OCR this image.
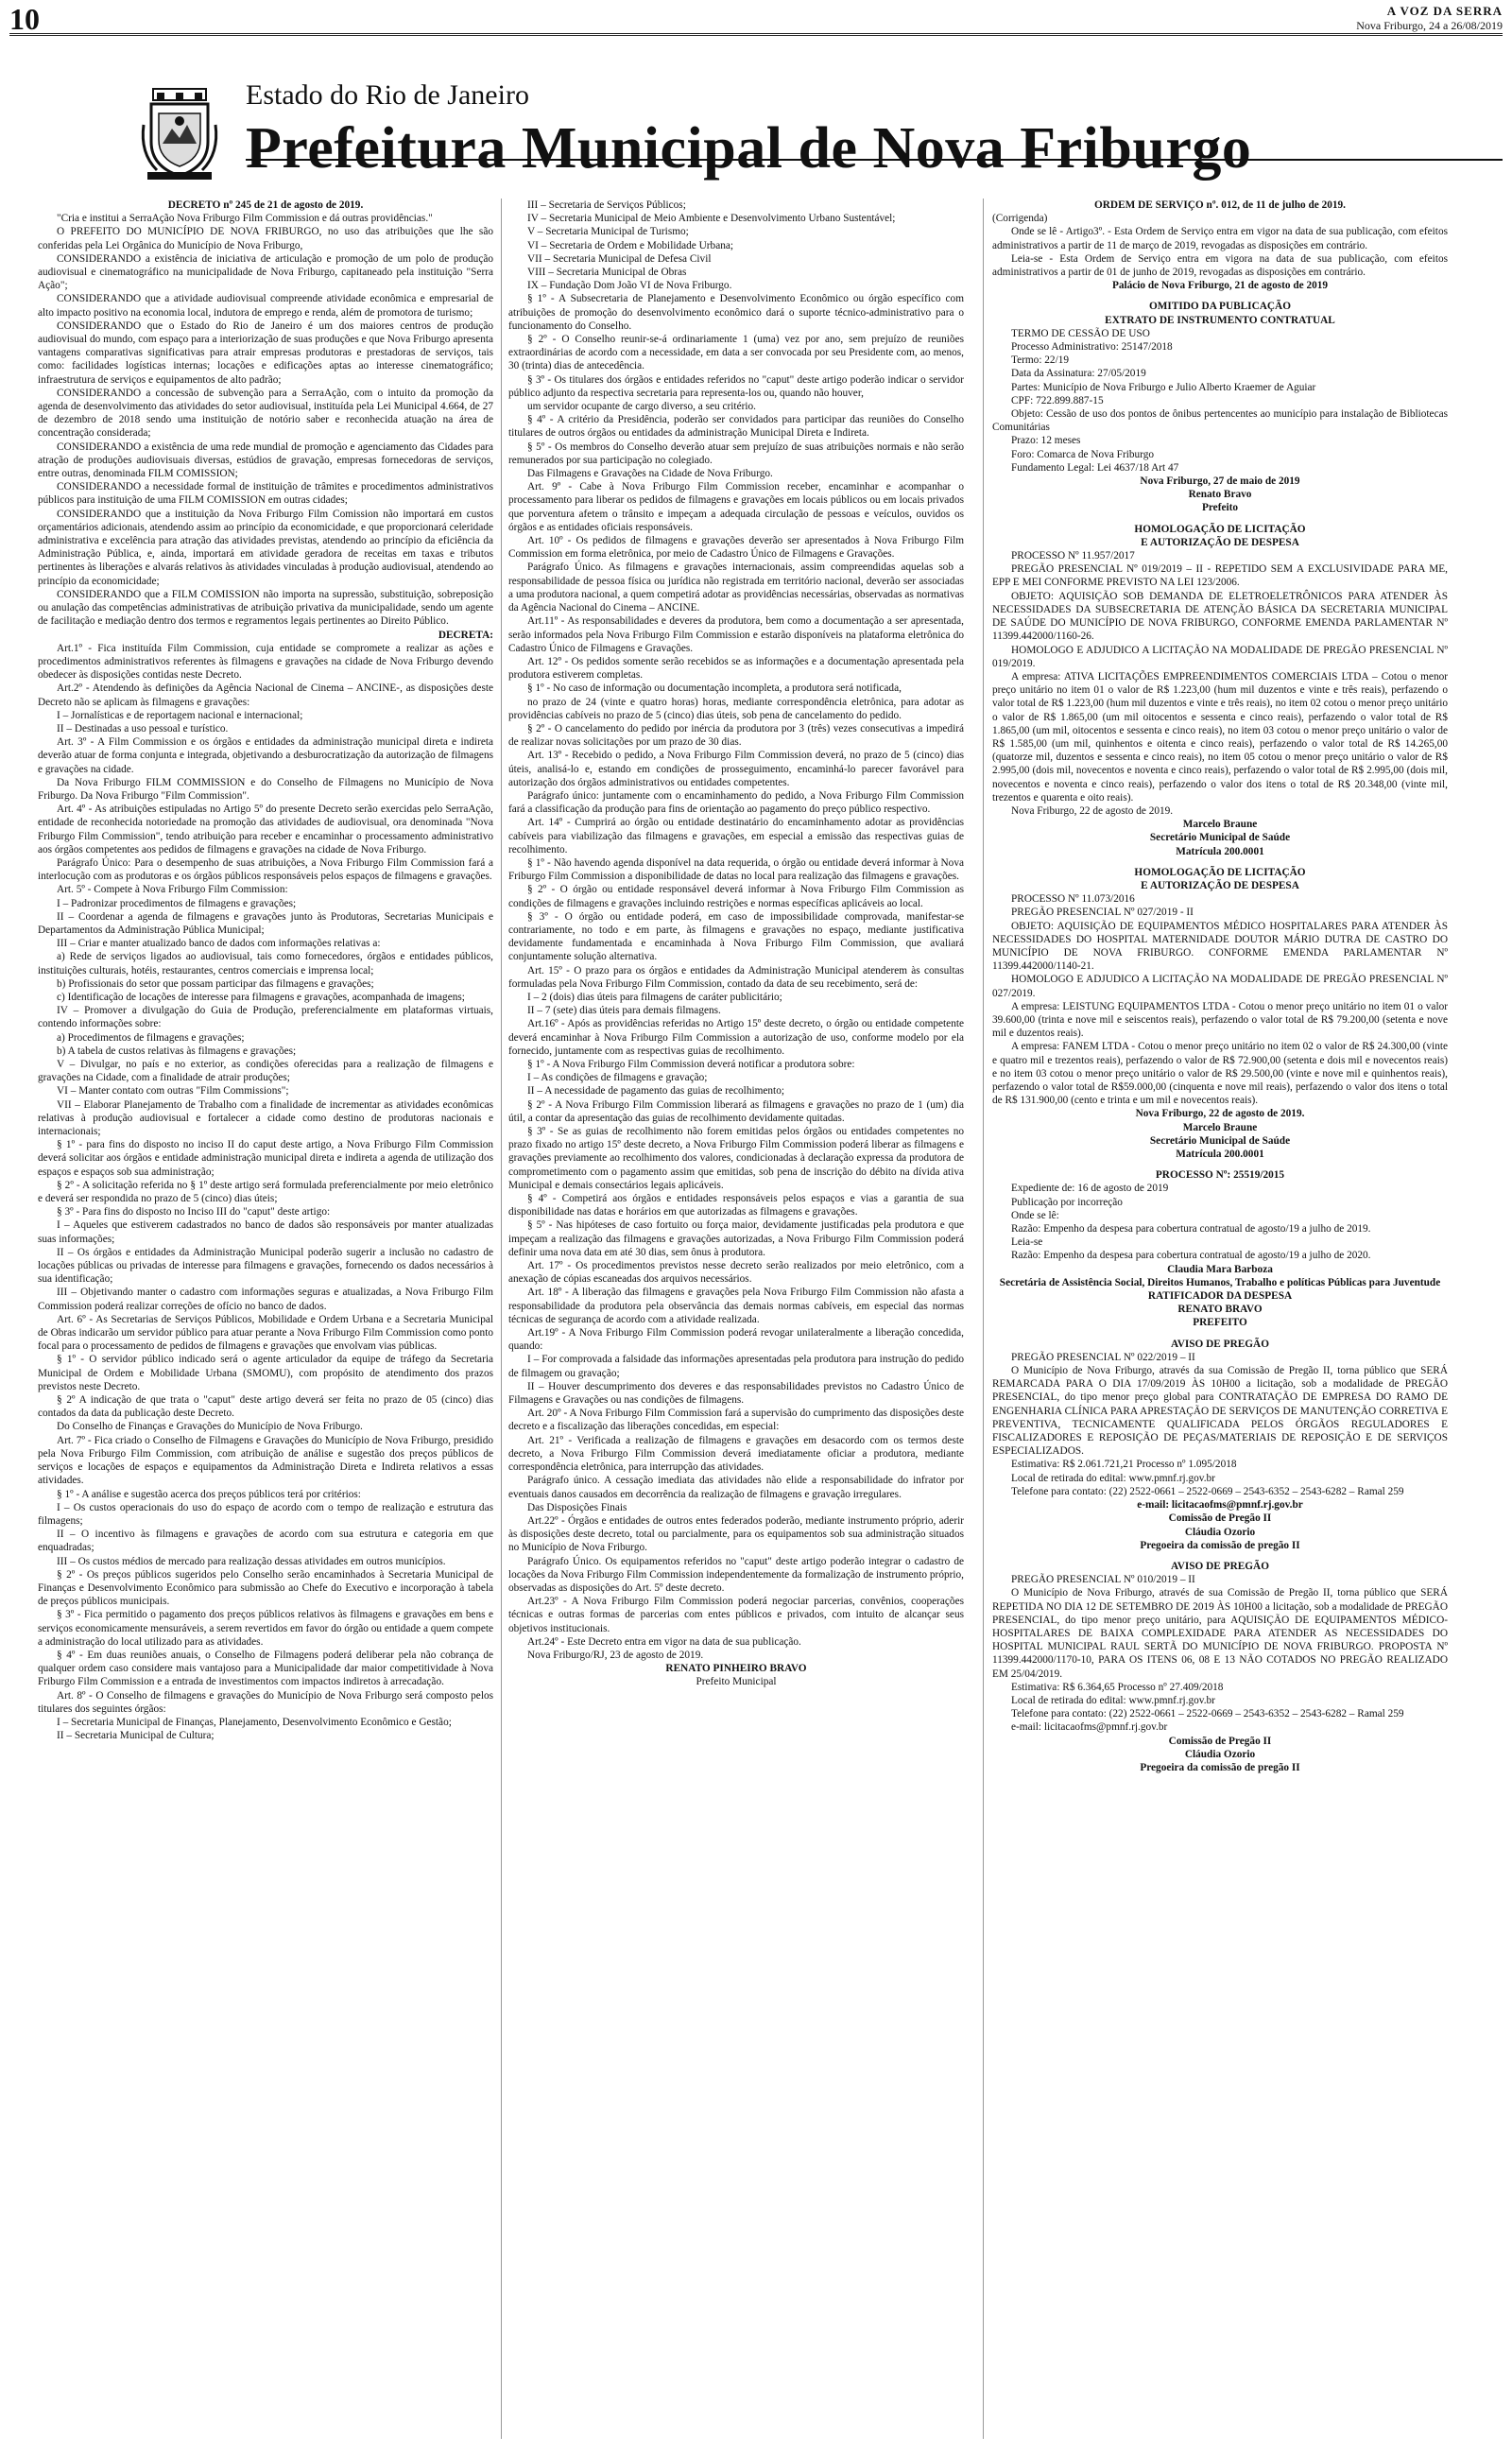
10	A VOZ DA SERRA
Nova Friburgo, 24 a 26/08/2019
Estado do Rio de Janeiro
Prefeitura Municipal de Nova Friburgo

DECRETO nº 245 de 21 de agosto de 2019.

"Cria e institui a SerraAção Nova Friburgo Film Commission e dá outras providências."

O PREFEITO DO MUNICÍPIO DE NOVA FRIBURGO, no uso das atribuições que lhe são conferidas pela Lei Orgânica do Município de Nova Friburgo,

CONSIDERANDO a existência de iniciativa de articulação e promoção de um polo de produção audiovisual e cinematográfico na municipalidade de Nova Friburgo, capitaneado pela instituição "Serra Ação";

CONSIDERANDO que a atividade audiovisual compreende atividade econômica e empresarial de alto impacto positivo na economia local, indutora de emprego e renda, além de promotora de turismo;

CONSIDERANDO que o Estado do Rio de Janeiro é um dos maiores centros de produção audiovisual do mundo, com espaço para a interiorização de suas produções e que Nova Friburgo apresenta vantagens comparativas significativas para atrair empresas produtoras e prestadoras de serviços, tais como: facilidades logísticas internas; locações e edificações aptas ao interesse cinematográfico; infraestrutura de serviços e equipamentos de alto padrão;

CONSIDERANDO a concessão de subvenção para a SerraAção, com o intuito da promoção da agenda de desenvolvimento das atividades do setor audiovisual, instituída pela Lei Municipal 4.664, de 27 de dezembro de 2018 sendo uma instituição de notório saber e reconhecida atuação na área de concentração considerada;

CONSIDERANDO a existência de uma rede mundial de promoção e agenciamento das Cidades para atração de produções audiovisuais diversas, estúdios de gravação, empresas fornecedoras de serviços, entre outras, denominada FILM COMISSION;

CONSIDERANDO a necessidade formal de instituição de trâmites e procedimentos administrativos públicos para instituição de uma FILM COMISSION em outras cidades;

CONSIDERANDO que a instituição da Nova Friburgo Film Comission não importará em custos orçamentários adicionais, atendendo assim ao princípio da economicidade, e que proporcionará celeridade administrativa e excelência para atração das atividades previstas, atendendo ao princípio da eficiência da Administração Pública, e, ainda, importará em atividade geradora de receitas em taxas e tributos pertinentes às liberações e alvarás relativos às atividades vinculadas à produção audiovisual, atendendo ao princípio da economicidade;

CONSIDERANDO que a FILM COMISSION não importa na supressão, substituição, sobreposição ou anulação das competências administrativas de atribuição privativa da municipalidade, sendo um agente de facilitação e mediação dentro dos termos e regramentos legais pertinentes ao Direito Público.

DECRETA:

Art.1º - Fica instituída Film Commission, cuja entidade se compromete a realizar as ações e procedimentos administrativos referentes às filmagens e gravações na cidade de Nova Friburgo devendo obedecer às disposições contidas neste Decreto.

Art.2º - Atendendo às definições da Agência Nacional de Cinema – ANCINE-, as disposições deste Decreto não se aplicam às filmagens e gravações:

I – Jornalísticas e de reportagem nacional e internacional;

II – Destinadas a uso pessoal e turístico.

Art. 3º - A Film Commission e os órgãos e entidades da administração municipal direta e indireta deverão atuar de forma conjunta e integrada, objetivando a desburocratização da autorização de filmagens e gravações na cidade.

Da Nova Friburgo FILM COMMISSION e do Conselho de Filmagens no Município de Nova Friburgo. Da Nova Friburgo "Film Commission".

Art. 4º - As atribuições estipuladas no Artigo 5º do presente Decreto serão exercidas pelo SerraAção, entidade de reconhecida notoriedade na promoção das atividades de audiovisual, ora denominada "Nova Friburgo Film Commission", tendo atribuição para receber e encaminhar o processamento administrativo aos órgãos competentes aos pedidos de filmagens e gravações na cidade de Nova Friburgo.

Parágrafo Único: Para o desempenho de suas atribuições, a Nova Friburgo Film Commission fará a interlocução com as produtoras e os órgãos públicos responsáveis pelos espaços de filmagens e gravações.

Art. 5º - Compete à Nova Friburgo Film Commission:

I – Padronizar procedimentos de filmagens e gravações;

II – Coordenar a agenda de filmagens e gravações junto às Produtoras, Secretarias Municipais e Departamentos da Administração Pública Municipal;

III – Criar e manter atualizado banco de dados com informações relativas a:

a) Rede de serviços ligados ao audiovisual, tais como fornecedores, órgãos e entidades públicos, instituições culturais, hotéis, restaurantes, centros comerciais e imprensa local;

b) Profissionais do setor que possam participar das filmagens e gravações;

c) Identificação de locações de interesse para filmagens e gravações, acompanhada de imagens;

IV – Promover a divulgação do Guia de Produção, preferencialmente em plataformas virtuais, contendo informações sobre:

a) Procedimentos de filmagens e gravações;

b) A tabela de custos relativas às filmagens e gravações;

V – Divulgar, no país e no exterior, as condições oferecidas para a realização de filmagens e gravações na Cidade, com a finalidade de atrair produções;

VI – Manter contato com outras "Film Commissions";

VII – Elaborar Planejamento de Trabalho com a finalidade de incrementar as atividades econômicas relativas à produção audiovisual e fortalecer a cidade como destino de produtoras nacionais e internacionais;

§ 1º - para fins do disposto no inciso II do caput deste artigo, a Nova Friburgo Film Commission deverá solicitar aos órgãos e entidade administração municipal direta e indireta a agenda de utilização dos espaços e espaços sob sua administração;

§ 2º - A solicitação referida no § 1º deste artigo será formulada preferencialmente por meio eletrônico e deverá ser respondida no prazo de 5 (cinco) dias úteis;

§ 3º - Para fins do disposto no Inciso III do "caput" deste artigo:

I – Aqueles que estiverem cadastrados no banco de dados são responsáveis por manter atualizadas suas informações;

II – Os órgãos e entidades da Administração Municipal poderão sugerir a inclusão no cadastro de locações públicas ou privadas de interesse para filmagens e gravações, fornecendo os dados necessários à sua identificação;

III – Objetivando manter o cadastro com informações seguras e atualizadas, a Nova Friburgo Film Commission poderá realizar correções de ofício no banco de dados.

Art. 6º - As Secretarias de Serviços Públicos, Mobilidade e Ordem Urbana e a Secretaria Municipal de Obras indicarão um servidor público para atuar perante a Nova Friburgo Film Commission como ponto focal para o processamento de pedidos de filmagens e gravações que envolvam vias públicas.

§ 1º - O servidor público indicado será o agente articulador da equipe de tráfego da Secretaria Municipal de Ordem e Mobilidade Urbana (SMOMU), com propósito de atendimento dos prazos previstos neste Decreto.

§ 2º A indicação de que trata o "caput" deste artigo deverá ser feita no prazo de 05 (cinco) dias contados da data da publicação deste Decreto.

Do Conselho de Finanças e Gravações do Município de Nova Friburgo.

Art. 7º - Fica criado o Conselho de Filmagens e Gravações do Município de Nova Friburgo, presidido pela Nova Friburgo Film Commission, com atribuição de análise e sugestão dos preços públicos de serviços e locações de espaços e equipamentos da Administração Direta e Indireta relativos a essas atividades.

§ 1º - A análise e sugestão acerca dos preços públicos terá por critérios:

I – Os custos operacionais do uso do espaço de acordo com o tempo de realização e estrutura das filmagens;

II – O incentivo às filmagens e gravações de acordo com sua estrutura e categoria em que enquadradas;

III – Os custos médios de mercado para realização dessas atividades em outros municípios.

§ 2º - Os preços públicos sugeridos pelo Conselho serão encaminhados à Secretaria Municipal de Finanças e Desenvolvimento Econômico para submissão ao Chefe do Executivo e incorporação à tabela de preços públicos municipais.

§ 3º - Fica permitido o pagamento dos preços públicos relativos às filmagens e gravações em bens e serviços economicamente mensuráveis, a serem revertidos em favor do órgão ou entidade a quem compete a administração do local utilizado para as atividades.

§ 4º - Em duas reuniões anuais, o Conselho de Filmagens poderá deliberar pela não cobrança de qualquer ordem caso considere mais vantajoso para a Municipalidade dar maior competitividade à Nova Friburgo Film Commission e a entrada de investimentos com impactos indiretos à arrecadação.

Art. 8º - O Conselho de filmagens e gravações do Município de Nova Friburgo será composto pelos titulares dos seguintes órgãos:

I – Secretaria Municipal de Finanças, Planejamento, Desenvolvimento Econômico e Gestão;

II – Secretaria Municipal de Cultura;

III – Secretaria de Serviços Públicos;

IV – Secretaria Municipal de Meio Ambiente e Desenvolvimento Urbano Sustentável;

V – Secretaria Municipal de Turismo;

VI – Secretaria de Ordem e Mobilidade Urbana;

VII – Secretaria Municipal de Defesa Civil

VIII – Secretaria Municipal de Obras

IX – Fundação Dom João VI de Nova Friburgo.

§ 1º - A Subsecretaria de Planejamento e Desenvolvimento Econômico ou órgão específico com atribuições de promoção do desenvolvimento econômico dará o suporte técnico-administrativo para o funcionamento do Conselho.

§ 2º - O Conselho reunir-se-á ordinariamente 1 (uma) vez por ano, sem prejuízo de reuniões extraordinárias de acordo com a necessidade, em data a ser convocada por seu Presidente com, ao menos, 30 (trinta) dias de antecedência.

§ 3º - Os titulares dos órgãos e entidades referidos no "caput" deste artigo poderão indicar o servidor público adjunto da respectiva secretaria para representa-los ou, quando não houver,

um servidor ocupante de cargo diverso, a seu critério.

§ 4º - A critério da Presidência, poderão ser convidados para participar das reuniões do Conselho titulares de outros órgãos ou entidades da administração Municipal Direta e Indireta.

§ 5º - Os membros do Conselho deverão atuar sem prejuízo de suas atribuições normais e não serão remunerados por sua participação no colegiado.

Das Filmagens e Gravações na Cidade de Nova Friburgo.

Art. 9º - Cabe à Nova Friburgo Film Commission receber, encaminhar e acompanhar o processamento para liberar os pedidos de filmagens e gravações em locais públicos ou em locais privados que porventura afetem o trânsito e impeçam a adequada circulação de pessoas e veículos, ouvidos os órgãos e as entidades oficiais responsáveis.

Art. 10º - Os pedidos de filmagens e gravações deverão ser apresentados à Nova Friburgo Film Commission em forma eletrônica, por meio de Cadastro Único de Filmagens e Gravações.

Parágrafo Único. As filmagens e gravações internacionais, assim compreendidas aquelas sob a responsabilidade de pessoa física ou jurídica não registrada em território nacional, deverão ser associadas a uma produtora nacional, a quem competirá adotar as providências necessárias, observadas as normativas da Agência Nacional do Cinema – ANCINE.

Art.11º - As responsabilidades e deveres da produtora, bem como a documentação a ser apresentada, serão informados pela Nova Friburgo Film Commission e estarão disponíveis na plataforma eletrônica do Cadastro Único de Filmagens e Gravações.

Art. 12º - Os pedidos somente serão recebidos se as informações e a documentação apresentada pela produtora estiverem completas.

§ 1º - No caso de informação ou documentação incompleta, a produtora será notificada,

no prazo de 24 (vinte e quatro horas) horas, mediante correspondência eletrônica, para adotar as providências cabíveis no prazo de 5 (cinco) dias úteis, sob pena de cancelamento do pedido.

§ 2º - O cancelamento do pedido por inércia da produtora por 3 (três) vezes consecutivas a impedirá de realizar novas solicitações por um prazo de 30 dias.

Art. 13º - Recebido o pedido, a Nova Friburgo Film Commission deverá, no prazo de 5 (cinco) dias úteis, analisá-lo e, estando em condições de prosseguimento, encaminhá-lo parecer favorável para autorização dos órgãos administrativos ou entidades competentes.

Parágrafo único: juntamente com o encaminhamento do pedido, a Nova Friburgo Film Commission fará a classificação da produção para fins de orientação ao pagamento do preço público respectivo.

Art. 14º - Cumprirá ao órgão ou entidade destinatário do encaminhamento adotar as providências cabíveis para viabilização das filmagens e gravações, em especial a emissão das respectivas guias de recolhimento.

§ 1º - Não havendo agenda disponível na data requerida, o órgão ou entidade deverá informar à Nova Friburgo Film Commission a disponibilidade de datas no local para realização das filmagens e gravações.

§ 2º - O órgão ou entidade responsável deverá informar à Nova Friburgo Film Commission as condições de filmagens e gravações incluindo restrições e normas específicas aplicáveis ao local.

§ 3º - O órgão ou entidade poderá, em caso de impossibilidade comprovada, manifestar-se contrariamente, no todo e em parte, às filmagens e gravações no espaço, mediante justificativa devidamente fundamentada e encaminhada à Nova Friburgo Film Commission, que avaliará conjuntamente solução alternativa.

Art. 15º - O prazo para os órgãos e entidades da Administração Municipal atenderem às consultas formuladas pela Nova Friburgo Film Commission, contado da data de seu recebimento, será de:

I – 2 (dois) dias úteis para filmagens de caráter publicitário;

II – 7 (sete) dias úteis para demais filmagens.

Art.16º - Após as providências referidas no Artigo 15º deste decreto, o órgão ou entidade competente deverá encaminhar à Nova Friburgo Film Commission a autorização de uso, conforme modelo por ela fornecido, juntamente com as respectivas guias de recolhimento.

§ 1º - A Nova Friburgo Film Commission deverá notificar a produtora sobre:

I – As condições de filmagens e gravação;

II – A necessidade de pagamento das guias de recolhimento;

§ 2º - A Nova Friburgo Film Commission liberará as filmagens e gravações no prazo de 1 (um) dia útil, a contar da apresentação das guias de recolhimento devidamente quitadas.

§ 3º - Se as guias de recolhimento não forem emitidas pelos órgãos ou entidades competentes no prazo fixado no artigo 15º deste decreto, a Nova Friburgo Film Commission poderá liberar as filmagens e gravações previamente ao recolhimento dos valores, condicionadas à declaração expressa da produtora de comprometimento com o pagamento assim que emitidas, sob pena de inscrição do débito na dívida ativa Municipal e demais consectários legais aplicáveis.

§ 4º - Competirá aos órgãos e entidades responsáveis pelos espaços e vias a garantia de sua disponibilidade nas datas e horários em que autorizadas as filmagens e gravações.

§ 5º - Nas hipóteses de caso fortuito ou força maior, devidamente justificadas pela produtora e que impeçam a realização das filmagens e gravações autorizadas, a Nova Friburgo Film Commission poderá definir uma nova data em até 30 dias, sem ônus à produtora.

Art. 17º - Os procedimentos previstos nesse decreto serão realizados por meio eletrônico, com a anexação de cópias escaneadas dos arquivos necessários.

Art. 18º - A liberação das filmagens e gravações pela Nova Friburgo Film Commission não afasta a responsabilidade da produtora pela observância das demais normas cabíveis, em especial das normas técnicas de segurança de acordo com a atividade realizada.

Art.19º - A Nova Friburgo Film Commission poderá revogar unilateralmente a liberação concedida, quando:

I – For comprovada a falsidade das informações apresentadas pela produtora para instrução do pedido de filmagem ou gravação;

II – Houver descumprimento dos deveres e das responsabilidades previstos no Cadastro Único de Filmagens e Gravações ou nas condições de filmagens.

Art. 20º - A Nova Friburgo Film Commission fará a supervisão do cumprimento das disposições deste decreto e a fiscalização das liberações concedidas, em especial:

Art. 21º - Verificada a realização de filmagens e gravações em desacordo com os termos deste decreto, a Nova Friburgo Film Commission deverá imediatamente oficiar a produtora, mediante correspondência eletrônica, para interrupção das atividades.

Parágrafo único. A cessação imediata das atividades não elide a responsabilidade do infrator por eventuais danos causados em decorrência da realização de filmagens e gravação irregulares.

Das Disposições Finais

Art.22º - Órgãos e entidades de outros entes federados poderão, mediante instrumento próprio, aderir às disposições deste decreto, total ou parcialmente, para os equipamentos sob sua administração situados no Município de Nova Friburgo.

Parágrafo Único. Os equipamentos referidos no "caput" deste artigo poderão integrar o cadastro de locações da Nova Friburgo Film Commission independentemente da formalização de instrumento próprio, observadas as disposições do Art. 5º deste decreto.

Art.23º - A Nova Friburgo Film Commission poderá negociar parcerias, convênios, cooperações técnicas e outras formas de parcerias com entes públicos e privados, com intuito de alcançar seus objetivos institucionais.

Art.24º - Este Decreto entra em vigor na data de sua publicação.

Nova Friburgo/RJ, 23 de agosto de 2019.

RENATO PINHEIRO BRAVO

Prefeito Municipal

ORDEM DE SERVIÇO nº. 012, de 11 de julho de 2019.

(Corrigenda)

Onde se lê - Artigo3º. - Esta Ordem de Serviço entra em vigor na data de sua publicação, com efeitos administrativos a partir de 11 de março de 2019, revogadas as disposições em contrário.

Leia-se - Esta Ordem de Serviço entra em vigora na data de sua publicação, com efeitos administrativos a partir de 01 de junho de 2019, revogadas as disposições em contrário.

Palácio de Nova Friburgo, 21 de agosto de 2019

OMITIDO DA PUBLICAÇÃO

EXTRATO DE INSTRUMENTO CONTRATUAL

TERMO DE CESSÃO DE USO

Processo Administrativo: 25147/2018

Termo: 22/19

Data da Assinatura: 27/05/2019

Partes: Município de Nova Friburgo e Julio Alberto Kraemer de Aguiar

CPF: 722.899.887-15

Objeto: Cessão de uso dos pontos de ônibus pertencentes ao município para instalação de Bibliotecas Comunitárias

Prazo: 12 meses

Foro: Comarca de Nova Friburgo

Fundamento Legal: Lei 4637/18 Art 47

Nova Friburgo, 27 de maio de 2019

Renato Bravo

Prefeito

HOMOLOGAÇÃO DE LICITAÇÃO

E AUTORIZAÇÃO DE DESPESA

PROCESSO Nº 11.957/2017

PREGÃO PRESENCIAL Nº 019/2019 – II - REPETIDO SEM A EXCLUSIVIDADE PARA ME, EPP E MEI CONFORME PREVISTO NA LEI 123/2006.

OBJETO: AQUISIÇÃO SOB DEMANDA DE ELETROELETRÔNICOS PARA ATENDER ÀS NECESSIDADES DA SUBSECRETARIA DE ATENÇÃO BÁSICA DA SECRETARIA MUNICIPAL DE SAÚDE DO MUNICÍPIO DE NOVA FRIBURGO, CONFORME EMENDA PARLAMENTAR Nº 11399.442000/1160-26.

HOMOLOGO E ADJUDICO A LICITAÇÃO NA MODALIDADE DE PREGÃO PRESENCIAL Nº 019/2019.

A empresa: ATIVA LICITAÇÕES EMPREENDIMENTOS COMERCIAIS LTDA – Cotou o menor preço unitário no item 01 o valor de R$ 1.223,00 (hum mil duzentos e vinte e três reais), perfazendo o valor total de R$ 1.223,00 (hum mil duzentos e vinte e três reais), no item 02 cotou o menor preço unitário o valor de R$ 1.865,00 (um mil oitocentos e sessenta e cinco reais), perfazendo o valor total de R$ 1.865,00 (um mil, oitocentos e sessenta e cinco reais), no item 03 cotou o menor preço unitário o valor de R$ 1.585,00 (um mil, quinhentos e oitenta e cinco reais), perfazendo o valor total de R$ 14.265,00 (quatorze mil, duzentos e sessenta e cinco reais), no item 05 cotou o menor preço unitário o valor de R$ 2.995,00 (dois mil, novecentos e noventa e cinco reais), perfazendo o valor total de R$ 2.995,00 (dois mil, novecentos e noventa e cinco reais), perfazendo o valor dos itens o total de R$ 20.348,00 (vinte mil, trezentos e quarenta e oito reais).

Nova Friburgo, 22 de agosto de 2019.

Marcelo Braune

Secretário Municipal de Saúde

Matrícula 200.0001

HOMOLOGAÇÃO DE LICITAÇÃO

E AUTORIZAÇÃO DE DESPESA

PROCESSO Nº 11.073/2016

PREGÃO PRESENCIAL Nº 027/2019 - II

OBJETO: AQUISIÇÃO DE EQUIPAMENTOS MÉDICO HOSPITALARES PARA ATENDER ÀS NECESSIDADES DO HOSPITAL MATERNIDADE DOUTOR MÁRIO DUTRA DE CASTRO DO MUNICÍPIO DE NOVA FRIBURGO. CONFORME EMENDA PARLAMENTAR Nº 11399.442000/1140-21.

HOMOLOGO E ADJUDICO A LICITAÇÃO NA MODALIDADE DE PREGÃO PRESENCIAL Nº 027/2019.

A empresa: LEISTUNG EQUIPAMENTOS LTDA - Cotou o menor preço unitário no item 01 o valor 39.600,00 (trinta e nove mil e seiscentos reais), perfazendo o valor total de R$ 79.200,00 (setenta e nove mil e duzentos reais).

A empresa: FANEM LTDA - Cotou o menor preço unitário no item 02 o valor de R$ 24.300,00 (vinte e quatro mil e trezentos reais), perfazendo o valor de R$ 72.900,00 (setenta e dois mil e novecentos reais) e no item 03 cotou o menor preço unitário o valor de R$ 29.500,00 (vinte e nove mil e quinhentos reais), perfazendo o valor total de R$59.000,00 (cinquenta e nove mil reais), perfazendo o valor dos itens o total de R$ 131.900,00 (cento e trinta e um mil e novecentos reais).

Nova Friburgo, 22 de agosto de 2019.

Marcelo Braune

Secretário Municipal de Saúde

Matrícula 200.0001

PROCESSO Nº: 25519/2015

Expediente de: 16 de agosto de 2019

Publicação por incorreção

Onde se lê:

Razão: Empenho da despesa para cobertura contratual de agosto/19 a julho de 2019.

Leia-se

Razão: Empenho da despesa para cobertura contratual de agosto/19 a julho de 2020.

Claudia Mara Barboza

Secretária de Assistência Social, Direitos Humanos, Trabalho e políticas Públicas para Juventude

RATIFICADOR DA DESPESA

RENATO BRAVO

PREFEITO

AVISO DE PREGÃO

PREGÃO PRESENCIAL Nº 022/2019 – II

O Município de Nova Friburgo, através da sua Comissão de Pregão II, torna público que SERÁ REMARCADA PARA O DIA 17/09/2019 ÀS 10H00 a licitação, sob a modalidade de PREGÃO PRESENCIAL, do tipo menor preço global para CONTRATAÇÃO DE EMPRESA DO RAMO DE ENGENHARIA CLÍNICA PARA APRESTAÇÃO DE SERVIÇOS DE MANUTENÇÃO CORRETIVA E PREVENTIVA, TECNICAMENTE QUALIFICADA PELOS ÓRGÃOS REGULADORES E FISCALIZADORES E REPOSIÇÃO DE PEÇAS/MATERIAIS DE REPOSIÇÃO E DE SERVIÇOS ESPECIALIZADOS.

Estimativa: R$ 2.061.721,21 Processo nº 1.095/2018

Local de retirada do edital: www.pmnf.rj.gov.br

Telefone para contato: (22) 2522-0661 – 2522-0669 – 2543-6352 – 2543-6282 – Ramal 259

e-mail: licitacaofms@pmnf.rj.gov.br

Comissão de Pregão II

Cláudia Ozorio

Pregoeira da comissão de pregão II

AVISO DE PREGÃO

PREGÃO PRESENCIAL Nº 010/2019 – II

O Município de Nova Friburgo, através de sua Comissão de Pregão II, torna público que SERÁ REPETIDA NO DIA 12 DE SETEMBRO DE 2019 ÀS 10H00 a licitação, sob a modalidade de PREGÃO PRESENCIAL, do tipo menor preço unitário, para AQUISIÇÃO DE EQUIPAMENTOS MÉDICO-HOSPITALARES DE BAIXA COMPLEXIDADE PARA ATENDER AS NECESSIDADES DO HOSPITAL MUNICIPAL RAUL SERTÃ DO MUNICÍPIO DE NOVA FRIBURGO. PROPOSTA Nº 11399.442000/1170-10, PARA OS ITENS 06, 08 E 13 NÃO COTADOS NO PREGÃO REALIZADO EM 25/04/2019.

Estimativa: R$ 6.364,65 Processo nº 27.409/2018

Local de retirada do edital: www.pmnf.rj.gov.br

Telefone para contato: (22) 2522-0661 – 2522-0669 – 2543-6352 – 2543-6282 – Ramal 259

e-mail: licitacaofms@pmnf.rj.gov.br

Comissão de Pregão II

Cláudia Ozorio

Pregoeira da comissão de pregão II
